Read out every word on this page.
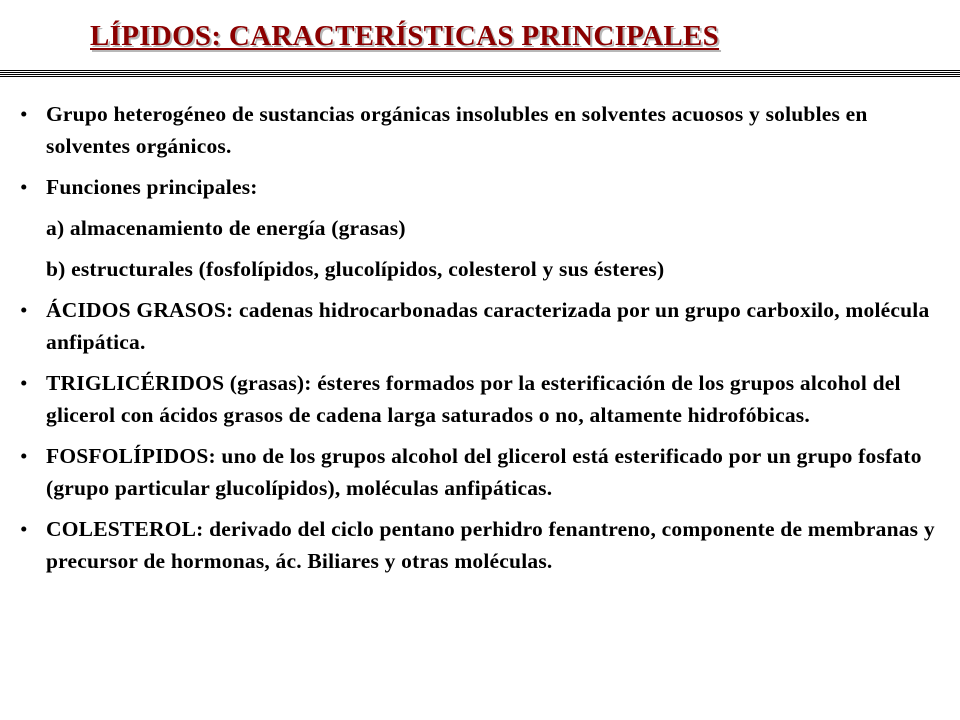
LÍPIDOS: CARACTERÍSTICAS PRINCIPALES
• Grupo heterogéneo de sustancias orgánicas insolubles en solventes acuosos y solubles en solventes orgánicos.
• Funciones principales:
a) almacenamiento de energía (grasas)
b) estructurales (fosfolípidos, glucolípidos, colesterol y sus ésteres)
• ÁCIDOS GRASOS: cadenas hidrocarbonadas caracterizada por un grupo carboxilo, molécula anfipática.
• TRIGLICÉRIDOS (grasas): ésteres formados por la esterificación de los grupos alcohol del glicerol con ácidos grasos de cadena larga saturados o no, altamente hidrofóbicas.
• FOSFOLÍPIDOS: uno de los grupos alcohol del glicerol está esterificado por un grupo fosfato (grupo particular glucolípidos), moléculas anfipáticas.
• COLESTEROL: derivado del ciclo pentano perhidro fenantreno, componente de membranas y precursor de hormonas, ác. Biliares y otras moléculas.
